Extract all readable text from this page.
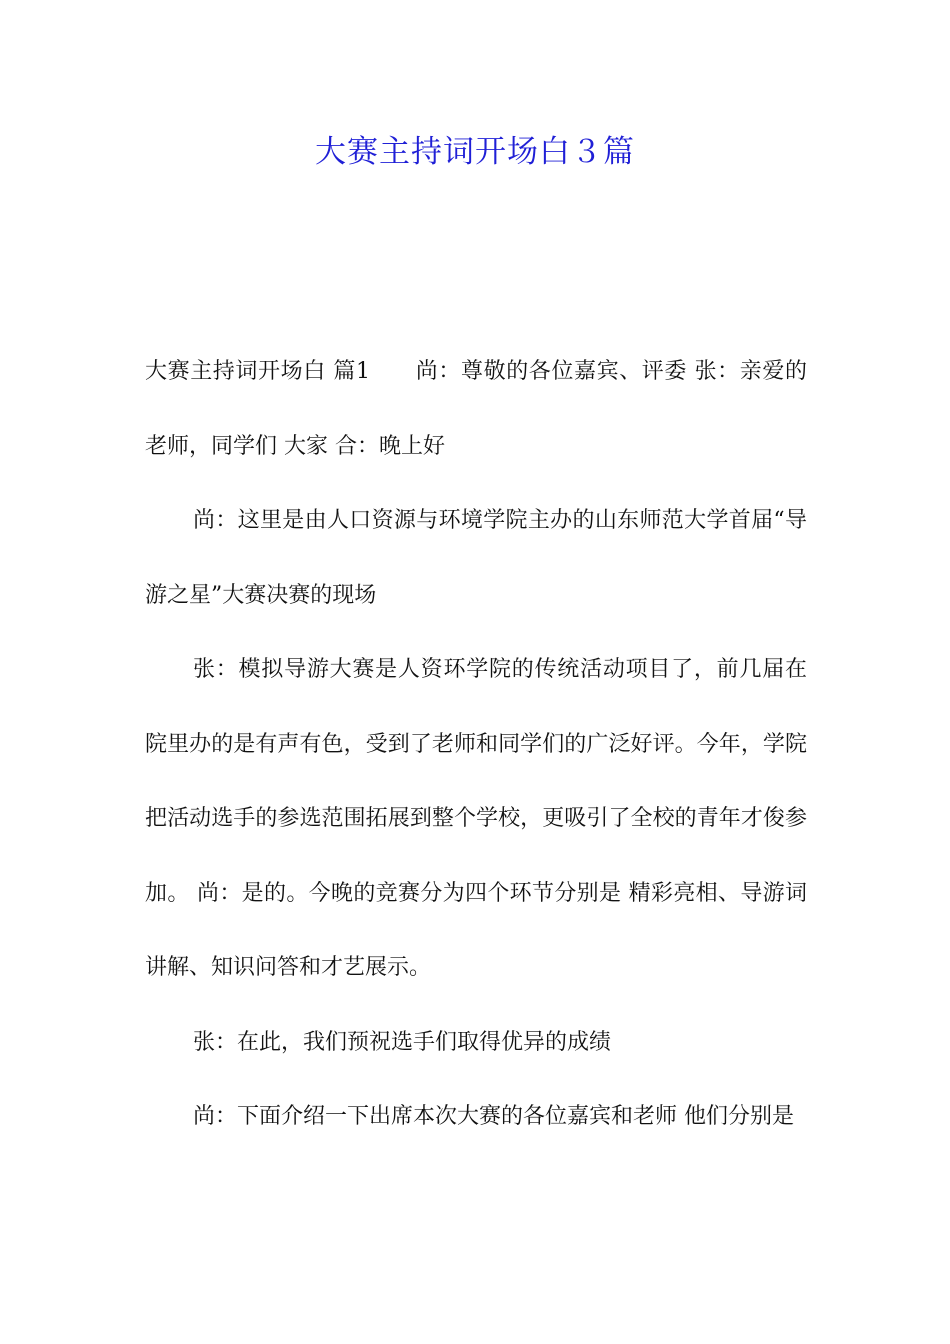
大赛主持词开场白３篇

大赛主持词开场白 篇1　　尚：尊敬的各位嘉宾、评委 张：亲爱的老师，同学们 大家 合：晚上好

尚：这里是由人口资源与环境学院主办的山东师范大学首届“导游之星”大赛决赛的现场

张：模拟导游大赛是人资环学院的传统活动项目了，前几届在院里办的是有声有色，受到了老师和同学们的广泛好评。今年，学院把活动选手的参选范围拓展到整个学校，更吸引了全校的青年才俊参加。 尚：是的。今晚的竞赛分为四个环节分别是 精彩亮相、导游词讲解、知识问答和才艺展示。

张：在此，我们预祝选手们取得优异的成绩

尚：下面介绍一下出席本次大赛的各位嘉宾和老师 他们分别是
